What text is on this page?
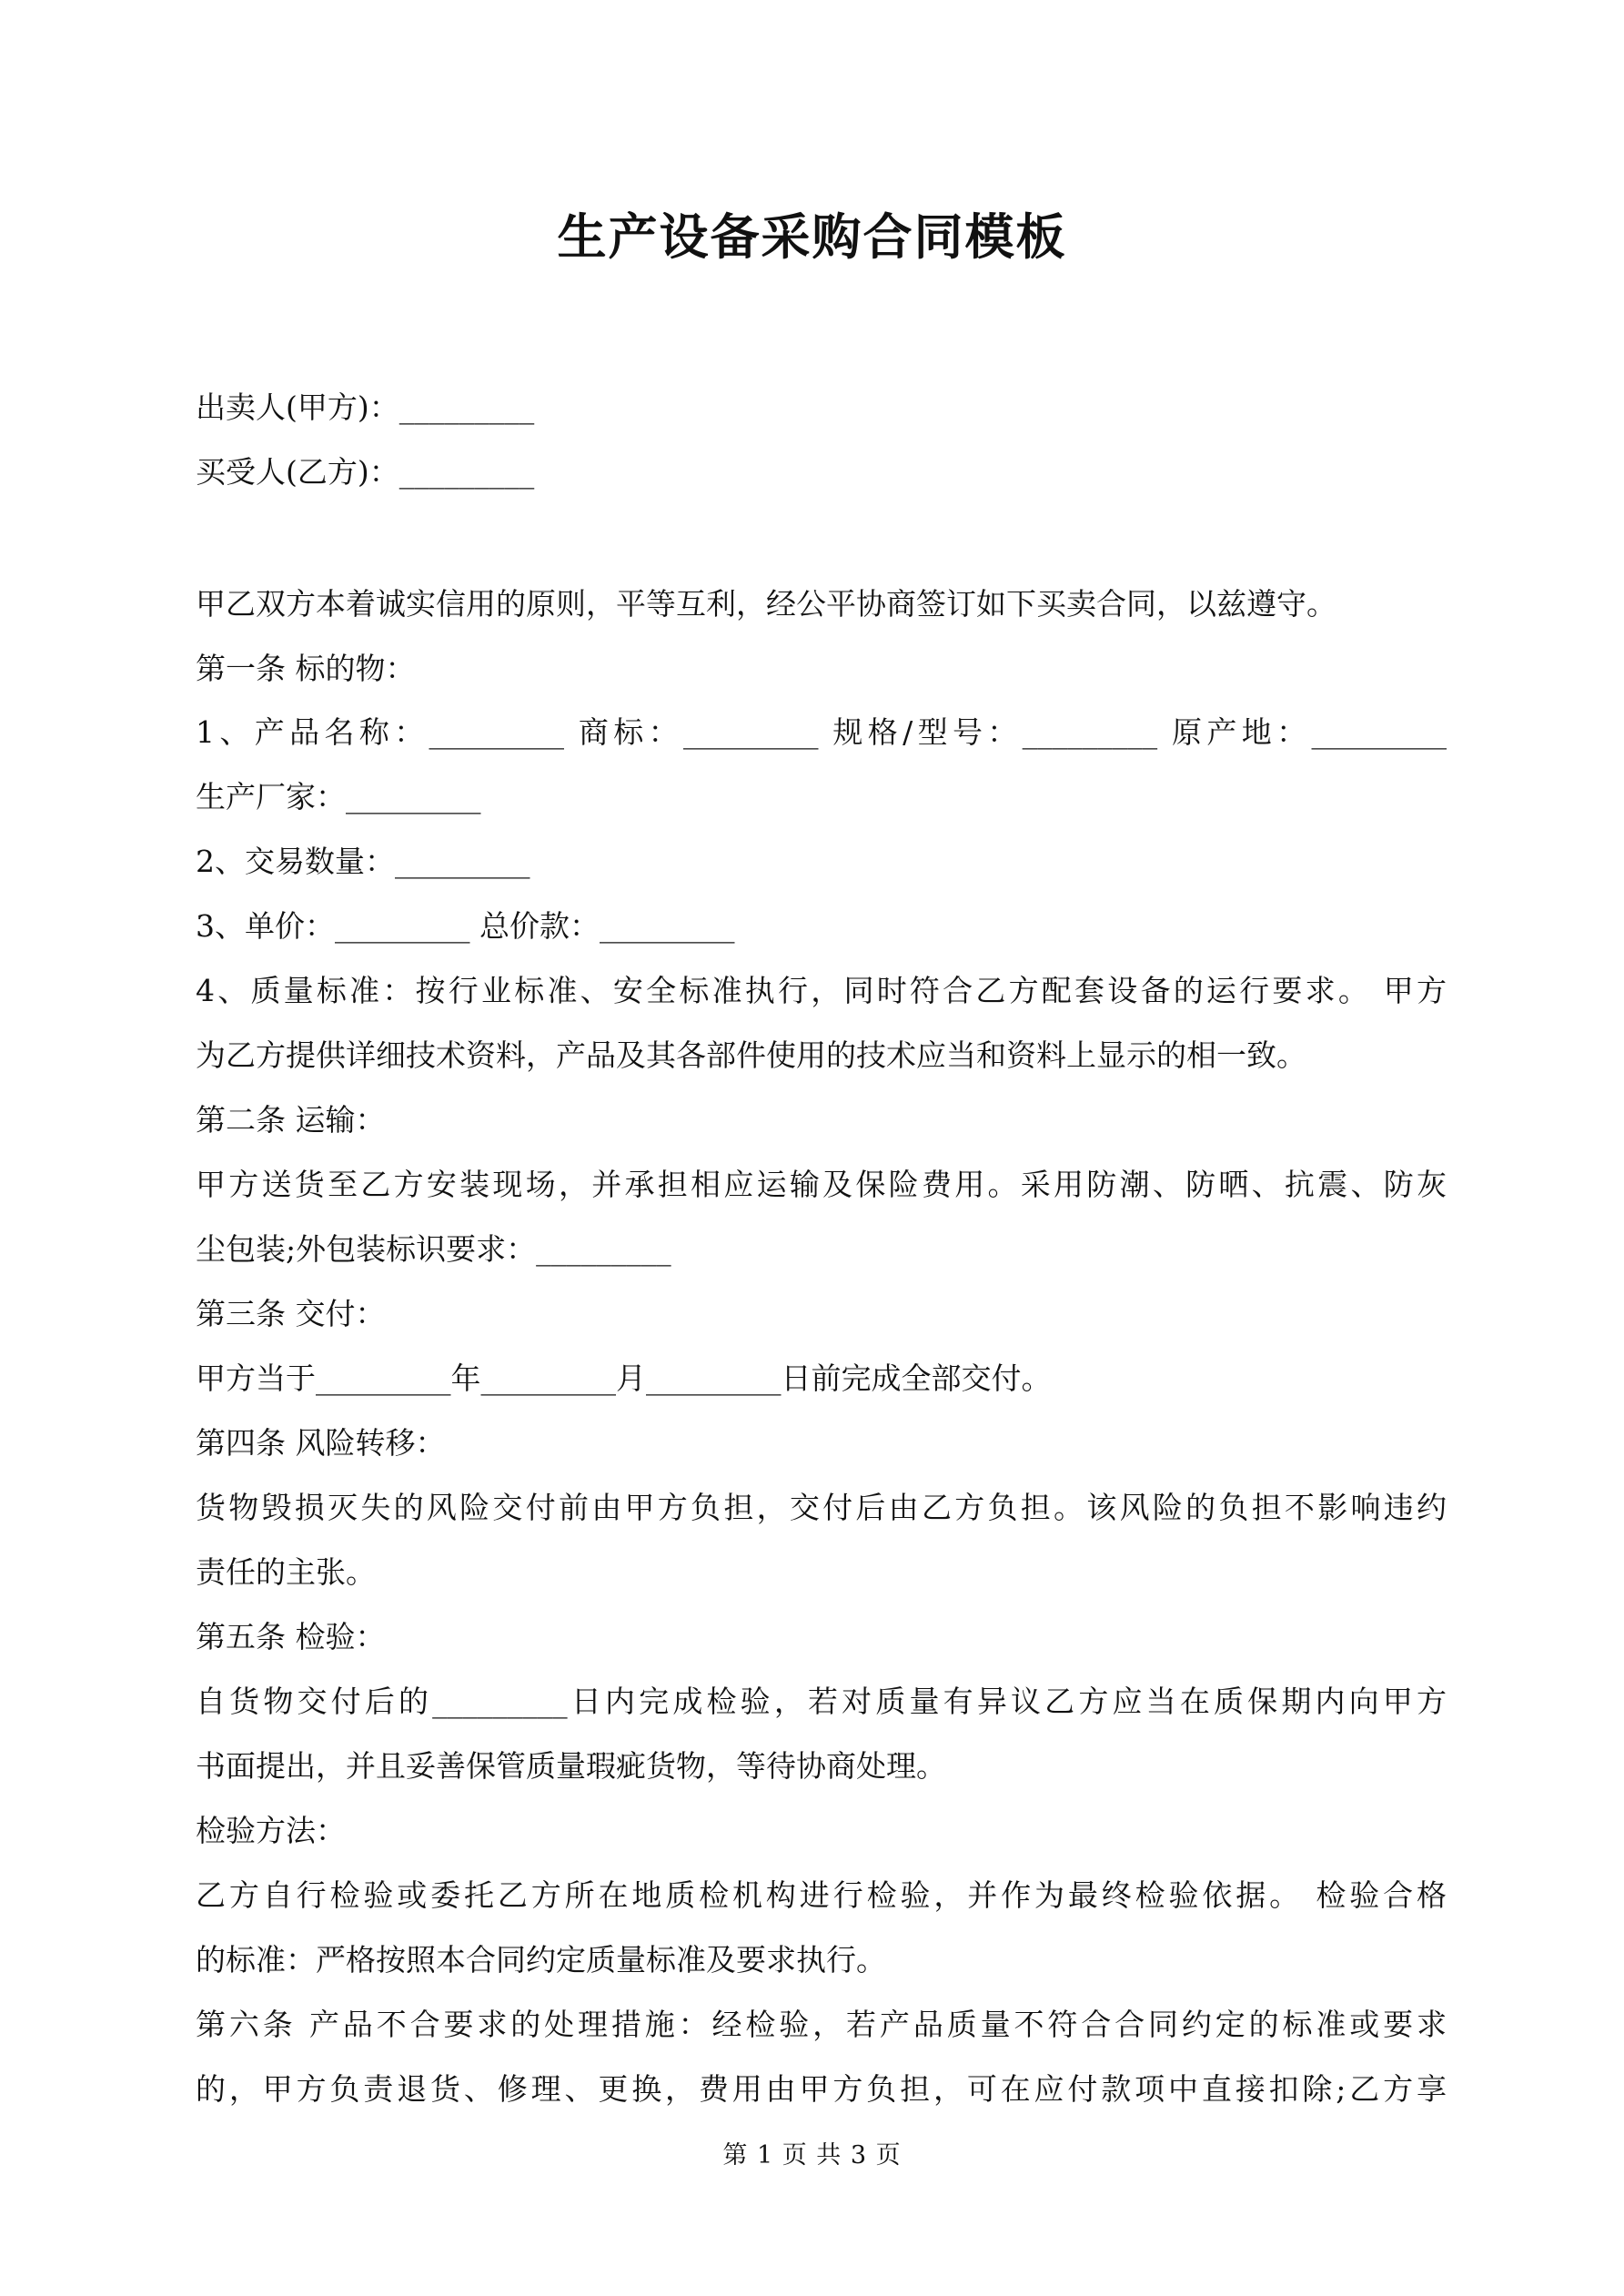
生产设备采购合同模板
出卖人(甲方)：_________
买受人(乙方)：_________
甲乙双方本着诚实信用的原则，平等互利，经公平协商签订如下买卖合同，以兹遵守。
第一条 标的物：
1、产品名称：_________ 商标：_________ 规格/型号：_________ 原产地：_________
生产厂家：_________
2、交易数量：_________
3、单价：_________ 总价款：_________
4、质量标准：按行业标准、安全标准执行，同时符合乙方配套设备的运行要求。 甲方
为乙方提供详细技术资料，产品及其各部件使用的技术应当和资料上显示的相一致。
第二条 运输：
甲方送货至乙方安装现场，并承担相应运输及保险费用。采用防潮、防晒、抗震、防灰
尘包装;外包装标识要求：_________
第三条 交付：
甲方当于_________年_________月_________日前完成全部交付。
第四条 风险转移：
货物毁损灭失的风险交付前由甲方负担，交付后由乙方负担。该风险的负担不影响违约
责任的主张。
第五条 检验：
自货物交付后的_________日内完成检验，若对质量有异议乙方应当在质保期内向甲方
书面提出，并且妥善保管质量瑕疵货物，等待协商处理。
检验方法：
乙方自行检验或委托乙方所在地质检机构进行检验，并作为最终检验依据。 检验合格
的标准：严格按照本合同约定质量标准及要求执行。
第六条 产品不合要求的处理措施：经检验，若产品质量不符合合同约定的标准或要求
的，甲方负责退货、修理、更换，费用由甲方负担，可在应付款项中直接扣除;乙方享
第 1 页 共 3 页
